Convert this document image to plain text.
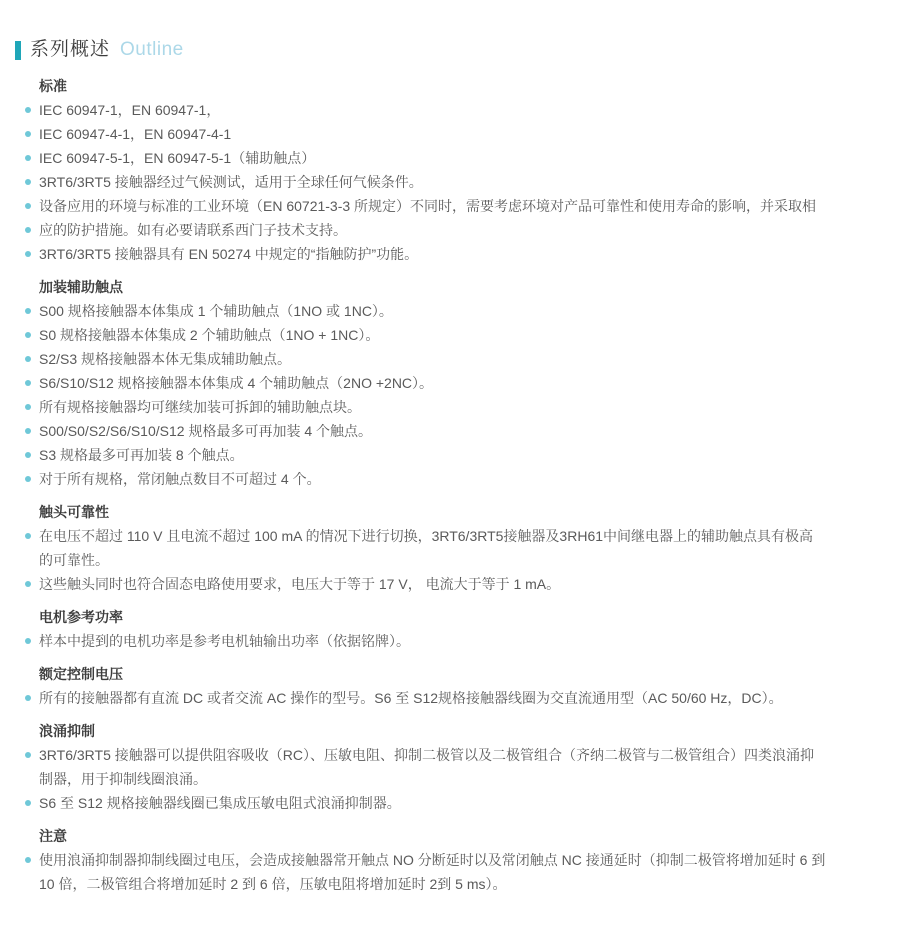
系列概述 Outline
标准
IEC 60947-1，EN 60947-1，
IEC 60947-4-1，EN 60947-4-1
IEC 60947-5-1，EN 60947-5-1（辅助触点）
3RT6/3RT5 接触器经过气候测试，适用于全球任何气候条件。
设备应用的环境与标准的工业环境（EN 60721-3-3 所规定）不同时，需要考虑环境对产品可靠性和使用寿命的影响，并采取相
应的防护措施。如有必要请联系西门子技术支持。
3RT6/3RT5 接触器具有 EN 50274 中规定的“指触防护”功能。
加装辅助触点
S00 规格接触器本体集成 1 个辅助触点（1NO 或 1NC）。
S0 规格接触器本体集成 2 个辅助触点（1NO + 1NC）。
S2/S3 规格接触器本体无集成辅助触点。
S6/S10/S12 规格接触器本体集成 4 个辅助触点（2NO +2NC）。
所有规格接触器均可继续加装可拆卸的辅助触点块。
S00/S0/S2/S6/S10/S12 规格最多可再加装 4 个触点。
S3 规格最多可再加装 8 个触点。
对于所有规格，常闭触点数目不可超过 4 个。
触头可靠性
在电压不超过 110 V 且电流不超过 100 mA 的情况下进行切换，3RT6/3RT5接触器及3RH61中间继电器上的辅助触点具有极高
的可靠性。
这些触头同时也符合固态电路使用要求，电压大于等于 17 V， 电流大于等于 1 mA。
电机参考功率
样本中提到的电机功率是参考电机轴输出功率（依据铭牌）。
额定控制电压
所有的接触器都有直流 DC 或者交流 AC 操作的型号。S6 至 S12规格接触器线圈为交直流通用型（AC 50/60 Hz，DC）。
浪涌抑制
3RT6/3RT5 接触器可以提供阻容吸收（RC）、压敏电阻、抑制二极管以及二极管组合（齐纳二极管与二极管组合）四类浪涌抑
制器，用于抑制线圈浪涌。
S6 至 S12 规格接触器线圈已集成压敏电阻式浪涌抑制器。
注意
使用浪涌抑制器抑制线圈过电压，会造成接触器常开触点 NO 分断延时以及常闭触点 NC 接通延时（抑制二极管将增加延时 6 到
10 倍，二极管组合将增加延时 2 到 6 倍，压敏电阻将增加延时 2到 5 ms）。
